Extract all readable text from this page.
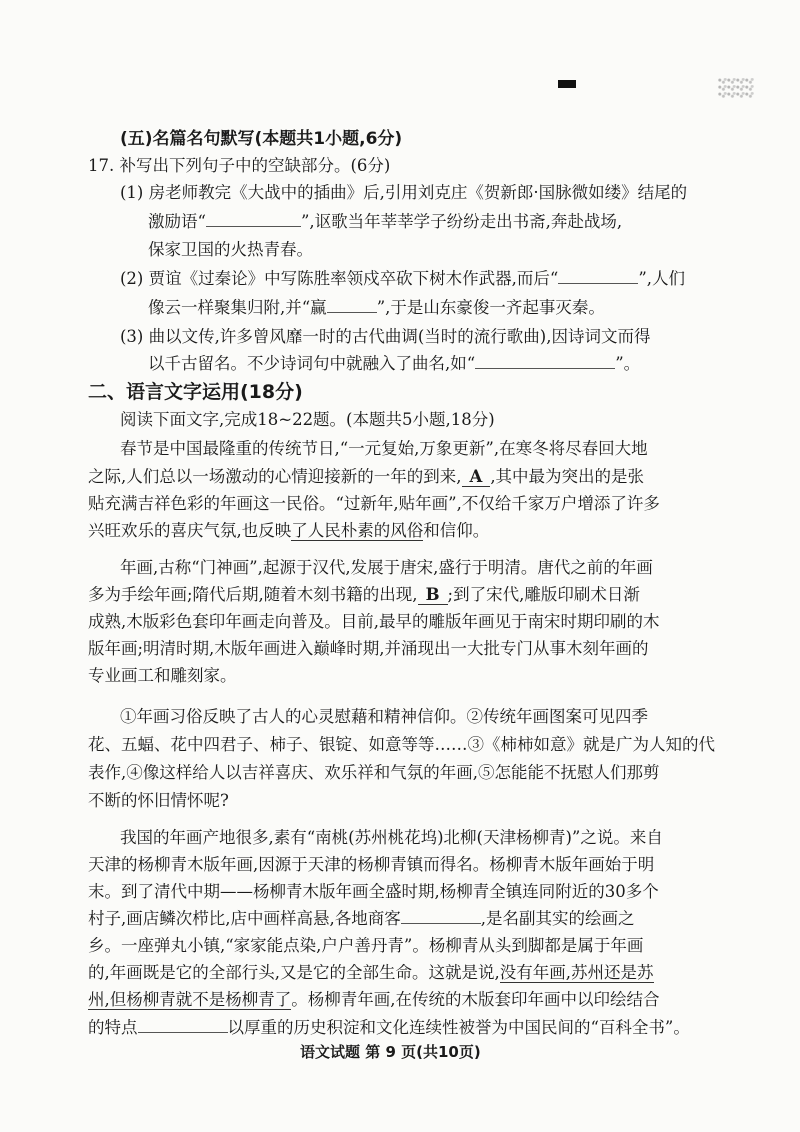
(五)名篇名句默写(本题共1小题,6分)
17. 补写出下列句子中的空缺部分。(6分)
(1) 房老师教完《大战中的插曲》后,引用刘克庄《贺新郎·国脉微如缕》结尾的
激励语“	”,讴歌当年莘莘学子纷纷走出书斋,奔赴战场,
保家卫国的火热青春。
(2) 贾谊《过秦论》中写陈胜率领戍卒砍下树木作武器,而后“	”,人们
像云一样聚集归附,并“赢	”,于是山东豪俊一齐起事灭秦。
(3) 曲以文传,许多曾风靡一时的古代曲调(当时的流行歌曲),因诗词文而得
以千古留名。不少诗词句中就融入了曲名,如“	”。
二、语言文字运用(18分)
阅读下面文字,完成18~22题。(本题共5小题,18分)
春节是中国最隆重的传统节日,“一元复始,万象更新”,在寒冬将尽春回大地
之际,人们总以一场激动的心情迎接新的一年的到来, A ,其中最为突出的是张
贴充满吉祥色彩的年画这一民俗。“过新年,贴年画”,不仅给千家万户增添了许多
兴旺欢乐的喜庆气氛,也反映了人民朴素的风俗和信仰。
年画,古称“门神画”,起源于汉代,发展于唐宋,盛行于明清。唐代之前的年画
多为手绘年画;隋代后期,随着木刻书籍的出现, B ;到了宋代,雕版印刷术日渐
成熟,木版彩色套印年画走向普及。目前,最早的雕版年画见于南宋时期印刷的木
版年画;明清时期,木版年画进入巅峰时期,并涌现出一大批专门从事木刻年画的
专业画工和雕刻家。
①年画习俗反映了古人的心灵慰藉和精神信仰。②传统年画图案可见四季
花、五蝠、花中四君子、柿子、银锭、如意等等……③《柿柿如意》就是广为人知的代
表作,④像这样给人以吉祥喜庆、欢乐祥和气氛的年画,⑤怎能能不抚慰人们那剪
不断的怀旧情怀呢?
我国的年画产地很多,素有“南桃(苏州桃花坞)北柳(天津杨柳青)”之说。来自
天津的杨柳青木版年画,因源于天津的杨柳青镇而得名。杨柳青木版年画始于明
末。到了清代中期——杨柳青木版年画全盛时期,杨柳青全镇连同附近的30多个
村子,画店鳞次栉比,店中画样高悬,各地商客	,是名副其实的绘画之
乡。一座弹丸小镇,“家家能点染,户户善丹青”。杨柳青从头到脚都是属于年画
的,年画既是它的全部行头,又是它的全部生命。这就是说,没有年画,苏州还是苏
州,但杨柳青就不是杨柳青了。杨柳青年画,在传统的木版套印年画中以印绘结合
的特点	以厚重的历史积淀和文化连续性被誉为中国民间的“百科全书”。
语文试题 第 9 页(共10页)
